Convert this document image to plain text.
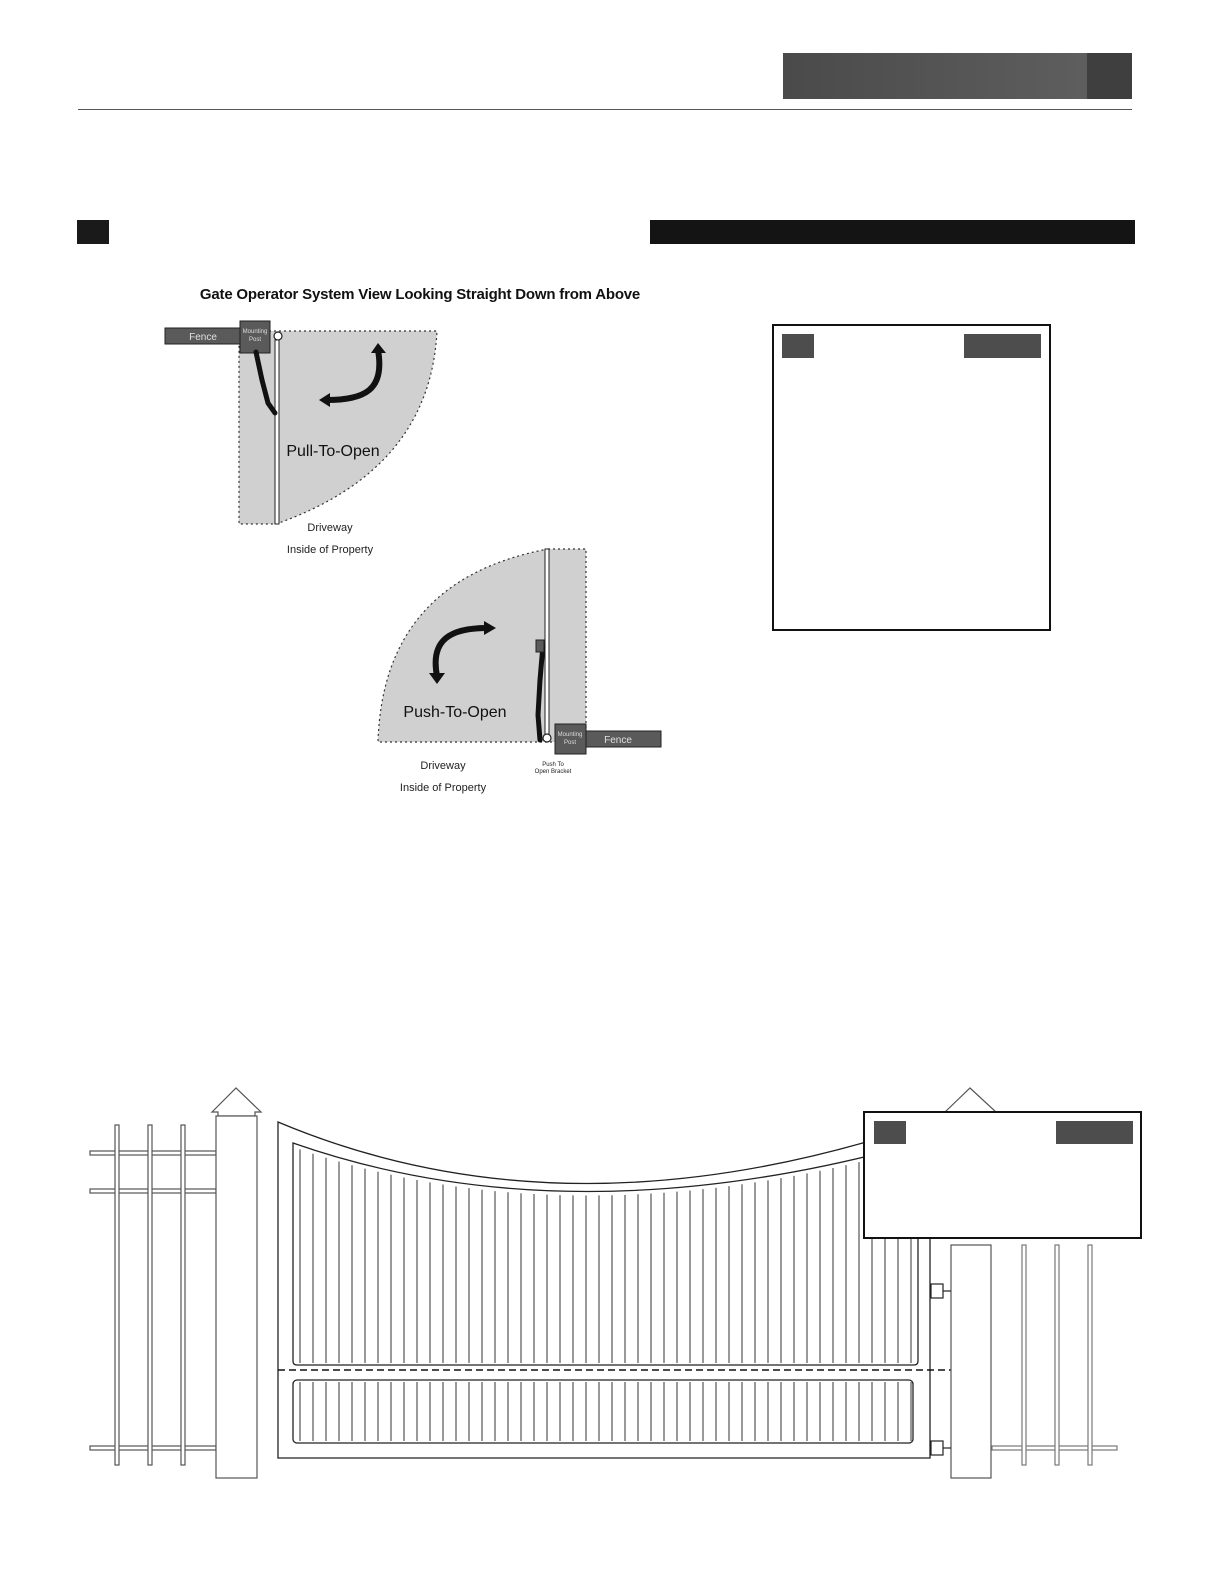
Gate Operator System View Looking Straight Down from Above
Fence	Mounting
Post
Pull-To-Open
Driveway
Inside of Property
Mounting
Post	Fence
Push To
Open Bracket
Push-To-Open
Driveway
Inside of Property
